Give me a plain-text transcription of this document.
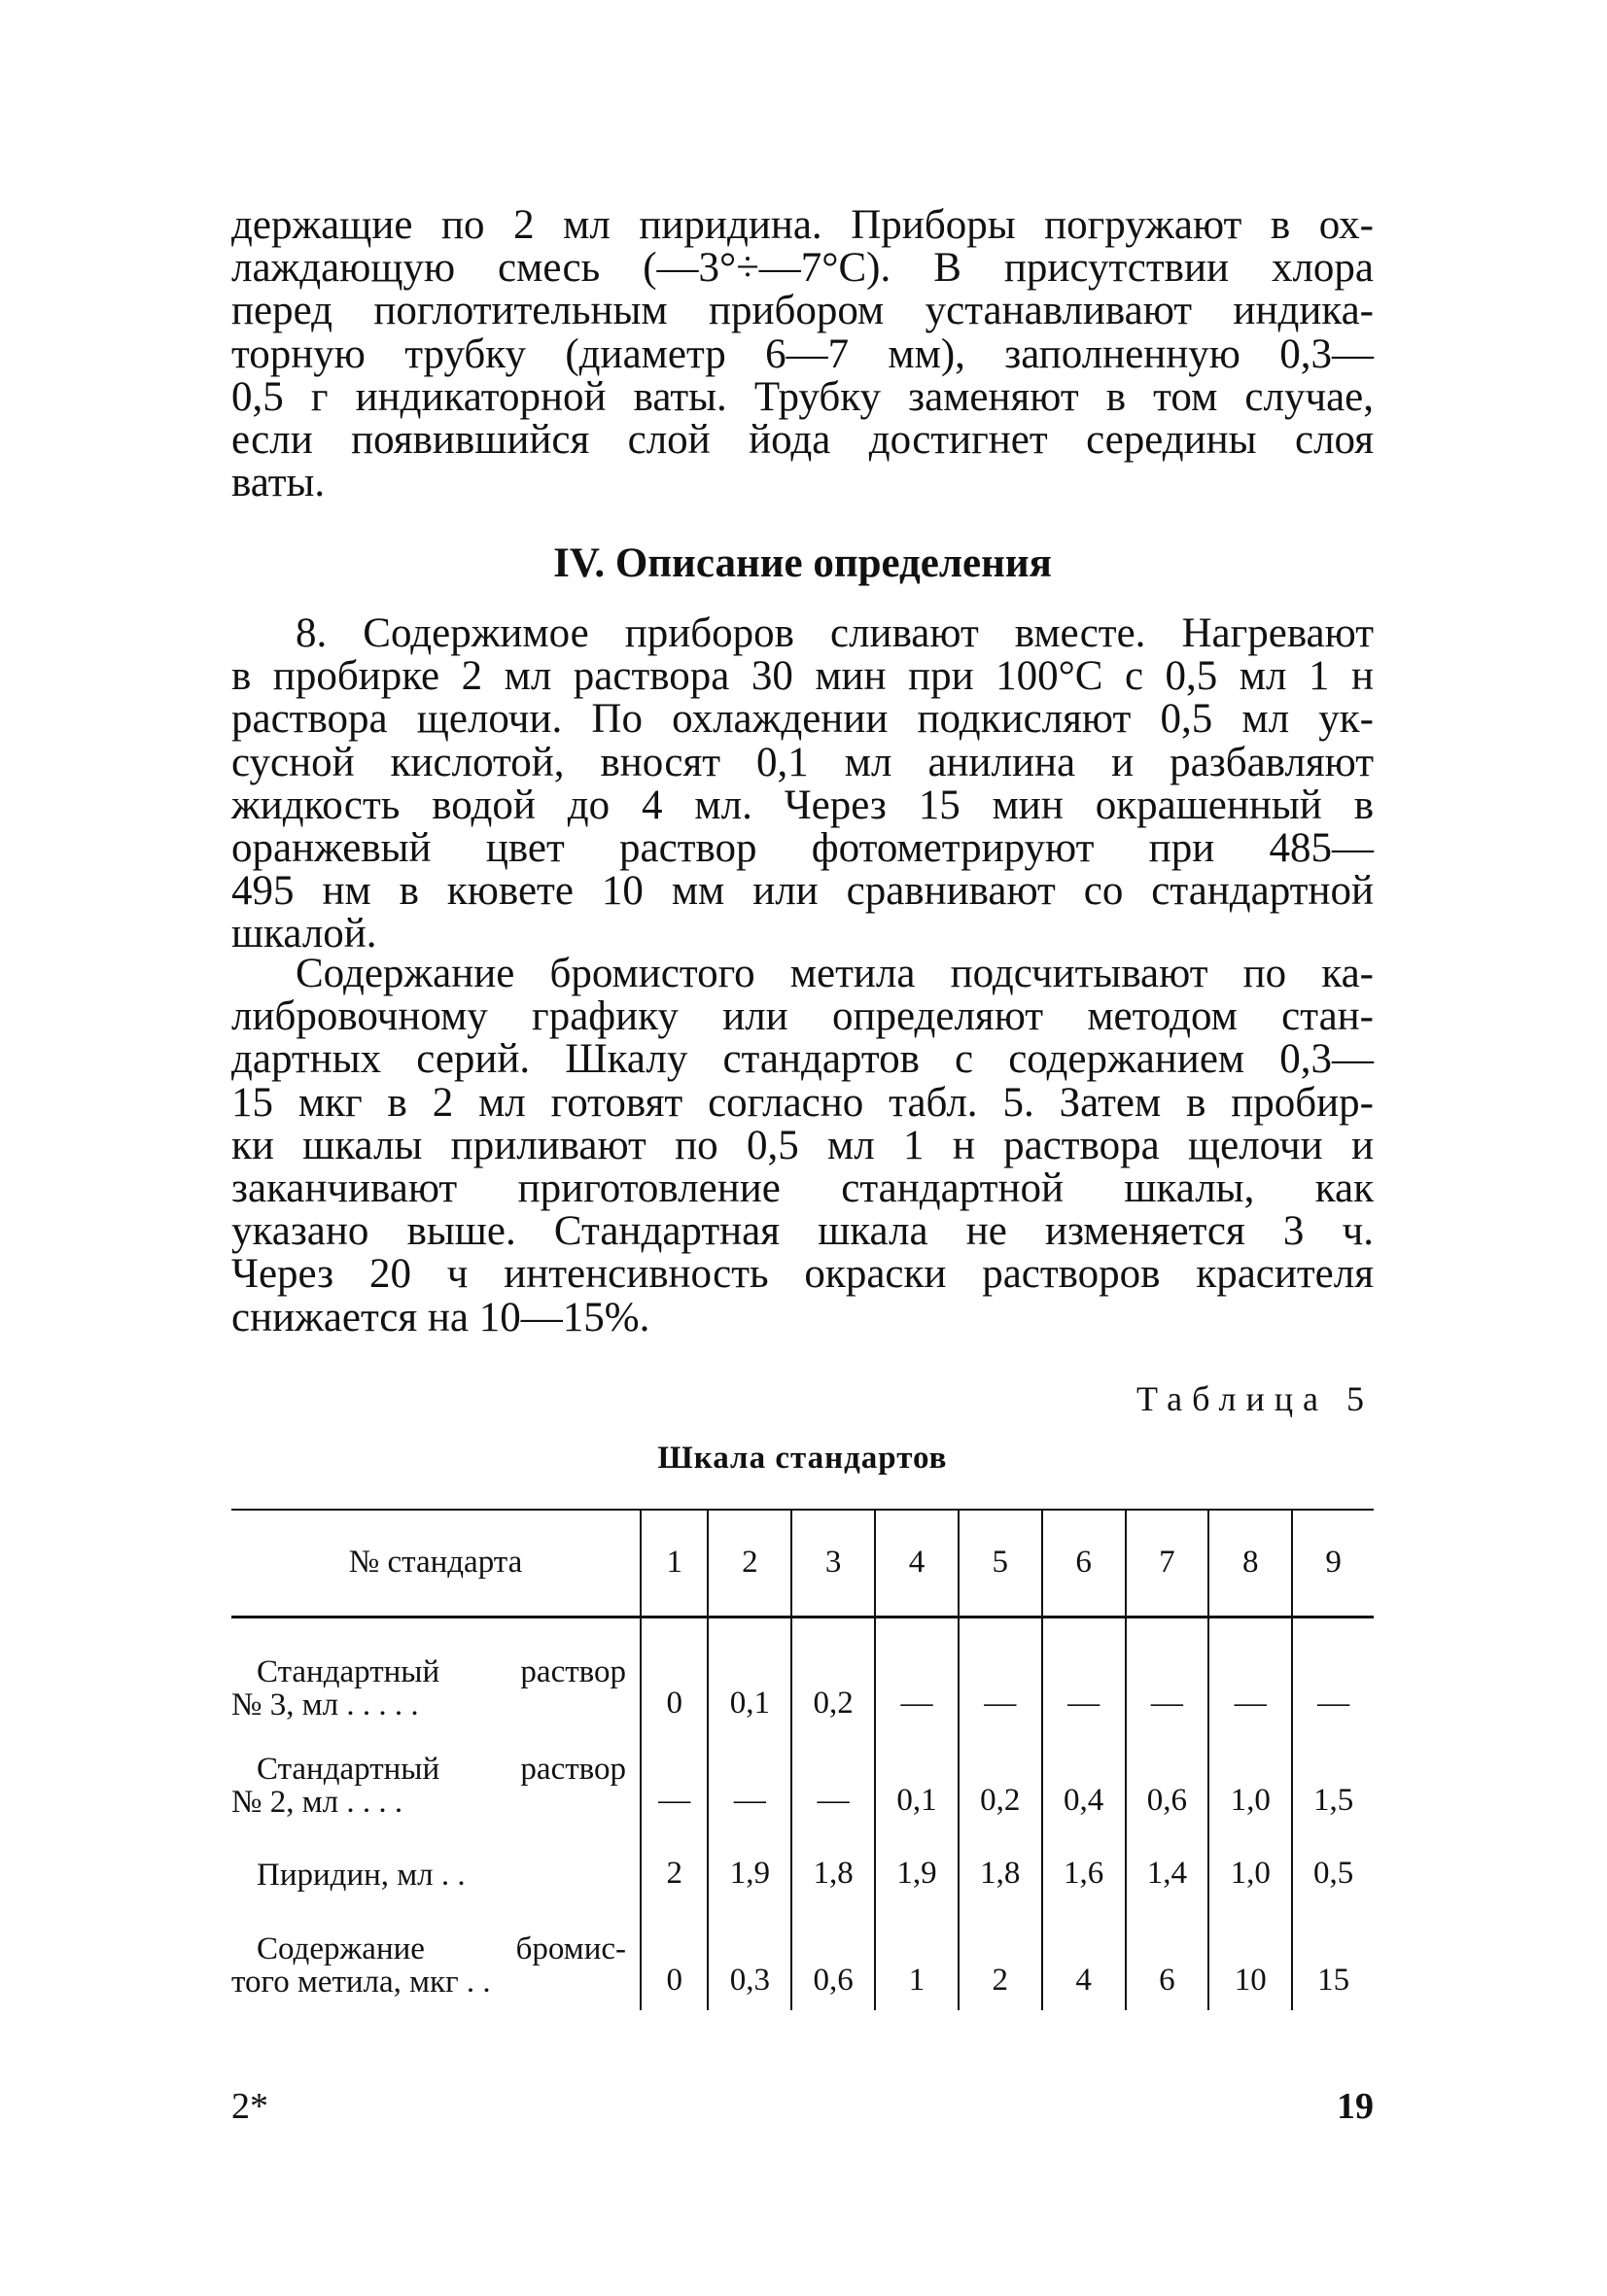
держащие по 2 мл пиридина. Приборы погружают в ох-
лаждающую смесь (—3°÷—7°С). В присутствии хлора
перед поглотительным прибором устанавливают индика-
торную трубку (диаметр 6—7 мм), заполненную 0,3—
0,5 г индикаторной ваты. Трубку заменяют в том случае,
если появившийся слой йода достигнет середины слоя
ваты.
IV. Описание определения
8. Содержимое приборов сливают вместе. Нагревают
в пробирке 2 мл раствора 30 мин при 100°С с 0,5 мл 1 н
раствора щелочи. По охлаждении подкисляют 0,5 мл ук-
сусной кислотой, вносят 0,1 мл анилина и разбавляют
жидкость водой до 4 мл. Через 15 мин окрашенный в
оранжевый цвет раствор фотометрируют при 485—
495 нм в кювете 10 мм или сравнивают со стандартной
шкалой.
Содержание бромистого метила подсчитывают по ка-
либровочному графику или определяют методом стан-
дартных серий. Шкалу стандартов с содержанием 0,3—
15 мкг в 2 мл готовят согласно табл. 5. Затем в пробир-
ки шкалы приливают по 0,5 мл 1 н раствора щелочи и
заканчивают приготовление стандартной шкалы, как
указано выше. Стандартная шкала не изменяется 3 ч.
Через 20 ч интенсивность окраски растворов красителя
снижается на 10—15%.
Таблица 5
Шкала стандартов
№ стандарта	1	2	3	4	5	6	7	8	9

Стандартный раствор
№ 3, мл . . . . .	0	0,1	0,2	—	—	—	—	—	—

Стандартный раствор
№ 2, мл . . . .	—	—	—	0,1	0,2	0,4	0,6	1,0	1,5

Пиридин, мл . .	2	1,9	1,8	1,9	1,8	1,6	1,4	1,0	0,5

Содержание бромис-
того метила, мкг . .	0	0,3	0,6	1	2	4	6	10	15
2*	19
